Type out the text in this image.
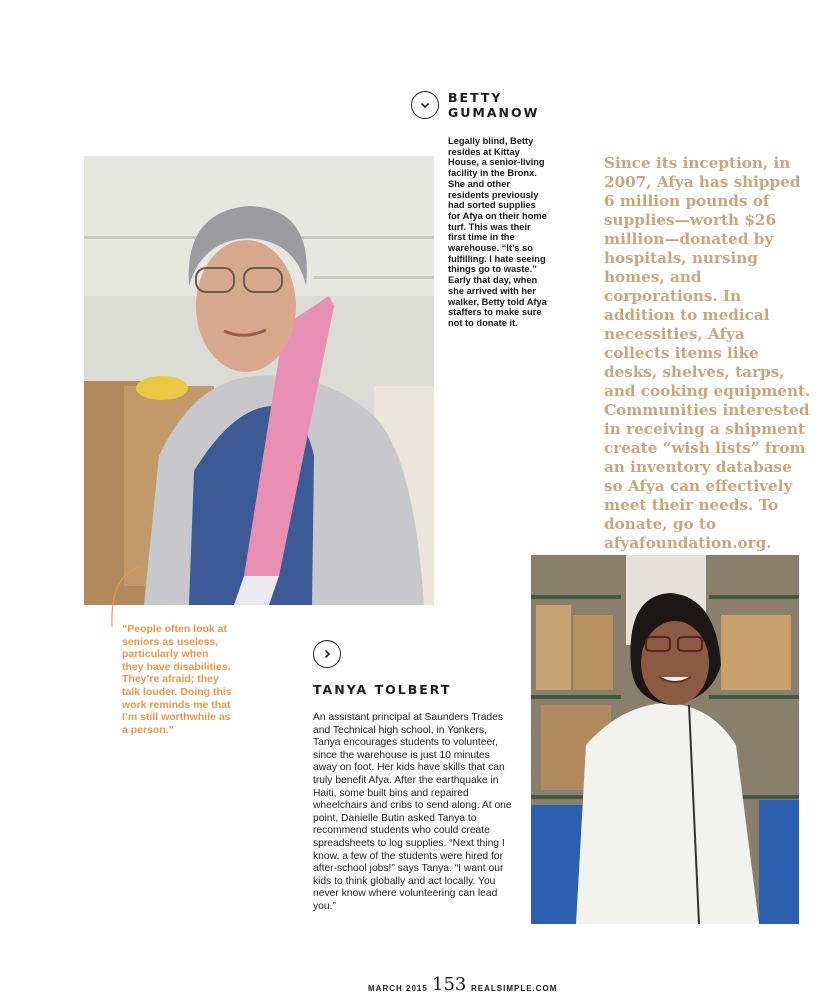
BETTY
GUMANOW
Legally blind, Betty resides at Kittay House, a senior-living facility in the Bronx. She and other residents previously had sorted supplies for Afya on their home turf. This was their first time in the warehouse. “It’s so fulfilling. I hate seeing things go to waste.” Early that day, when she arrived with her walker, Betty told Afya staffers to make sure not to donate it.
Since its inception, in 2007, Afya has shipped 6 million pounds of supplies—worth $26 million—donated by hospitals, nursing homes, and corporations. In addition to medical necessities, Afya collects items like desks, shelves, tarps, and cooking equipment. Communities interested in receiving a shipment create “wish lists” from an inventory database so Afya can effectively meet their needs. To donate, go to afyafoundation.org.
“People often look at seniors as useless, particularly when they have disabilities. They’re afraid; they talk louder. Doing this work reminds me that I’m still worthwhile as a person.”
TANYA TOLBERT
An assistant principal at Saunders Trades and Technical high school, in Yonkers, Tanya encourages students to volunteer, since the warehouse is just 10 minutes away on foot. Her kids have skills that can truly benefit Afya. After the earthquake in Haiti, some built bins and repaired wheelchairs and cribs to send along. At one point, Danielle Butin asked Tanya to recommend students who could create spreadsheets to log supplies. “Next thing I know, a few of the students were hired for after-school jobs!” says Tanya. “I want our kids to think globally and act locally. You never know where volunteering can lead you.”
MARCH 2015 153 REALSIMPLE.COM
